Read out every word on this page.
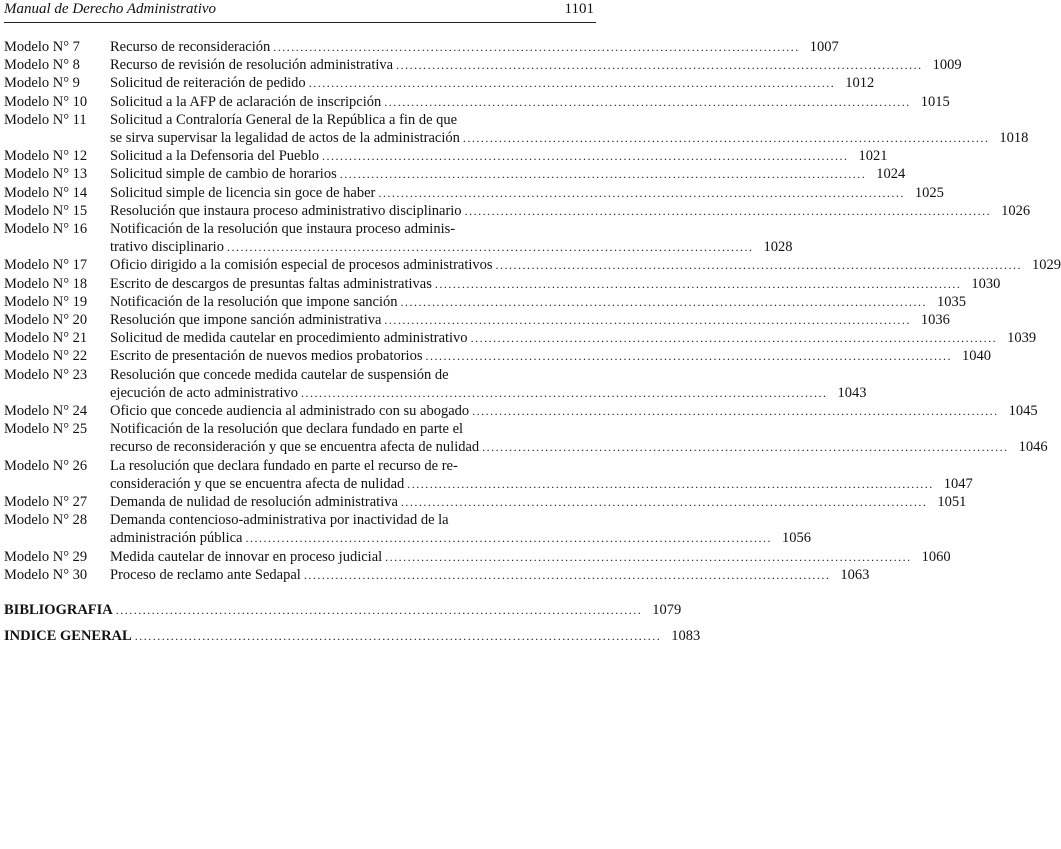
Manual de Derecho Administrativo	1101
Modelo N° 7	Recurso de reconsideración ..................................................................................................................... 1007
Modelo N° 8	Recurso de revisión de resolución administrativa ..................................................................................................................... 1009
Modelo N° 9	Solicitud de reiteración de pedido ..................................................................................................................... 1012
Modelo N° 10	Solicitud a la AFP de aclaración de inscripción ..................................................................................................................... 1015
Modelo N° 11	Solicitud a Contraloría General de la República a fin de que
se sirva supervisar la legalidad de actos de la administración ..................................................................................................................... 1018
Modelo N° 12	Solicitud a la Defensoria del Pueblo ..................................................................................................................... 1021
Modelo N° 13	Solicitud simple de cambio de horarios ..................................................................................................................... 1024
Modelo N° 14	Solicitud simple de licencia sin goce de haber ..................................................................................................................... 1025
Modelo N° 15	Resolución que instaura proceso administrativo disciplinario ..................................................................................................................... 1026
Modelo N° 16	Notificación de la resolución que instaura proceso adminis-
trativo disciplinario ..................................................................................................................... 1028
Modelo N° 17	Oficio dirigido a la comisión especial de procesos administrativos ..................................................................................................................... 1029
Modelo N° 18	Escrito de descargos de presuntas faltas administrativas ..................................................................................................................... 1030
Modelo N° 19	Notificación de la resolución que impone sanción ..................................................................................................................... 1035
Modelo N° 20	Resolución que impone sanción administrativa ..................................................................................................................... 1036
Modelo N° 21	Solicitud de medida cautelar en procedimiento administrativo ..................................................................................................................... 1039
Modelo N° 22	Escrito de presentación de nuevos medios probatorios ..................................................................................................................... 1040
Modelo N° 23	Resolución que concede medida cautelar de suspensión de
ejecución de acto administrativo ..................................................................................................................... 1043
Modelo N° 24	Oficio que concede audiencia al administrado con su abogado ..................................................................................................................... 1045
Modelo N° 25	Notificación de la resolución que declara fundado en parte el
recurso de reconsideración y que se encuentra afecta de nulidad ..................................................................................................................... 1046
Modelo N° 26	La resolución que declara fundado en parte el recurso de re-
consideración y que se encuentra afecta de nulidad ..................................................................................................................... 1047
Modelo N° 27	Demanda de nulidad de resolución administrativa ..................................................................................................................... 1051
Modelo N° 28	Demanda contencioso-administrativa por inactividad de la
administración pública ..................................................................................................................... 1056
Modelo N° 29	Medida cautelar de innovar en proceso judicial ..................................................................................................................... 1060
Modelo N° 30	Proceso de reclamo ante Sedapal ..................................................................................................................... 1063
BIBLIOGRAFIA ..................................................................................................................... 1079
INDICE GENERAL ..................................................................................................................... 1083
